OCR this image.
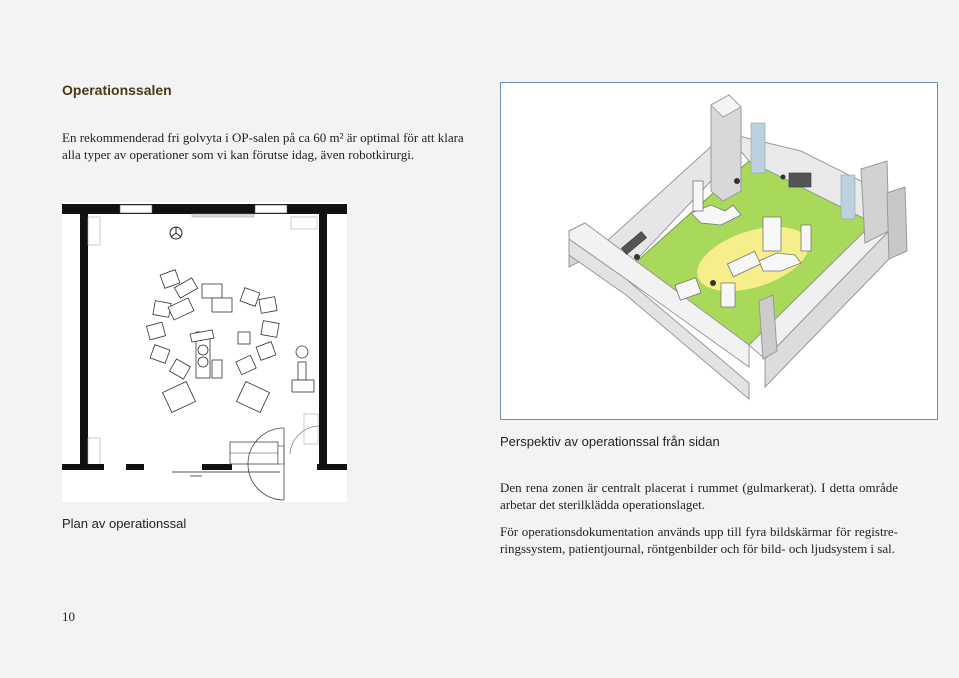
Operationssalen
En rekommenderad fri golvyta i OP-salen på ca 60 m² är optimal för att klara alla typer av operationer som vi kan förutse idag, även robotkirurgi.
Plan av operationssal
Perspektiv av operationssal från sidan
Den rena zonen är centralt placerat i rummet (gulmarkerat). I detta område arbetar det sterilklädda operationslaget.
För operationsdokumentation används upp till fyra bildskärmar för registreringssystem, patientjournal, röntgenbilder och för bild- och ljudsystem i sal.
10
